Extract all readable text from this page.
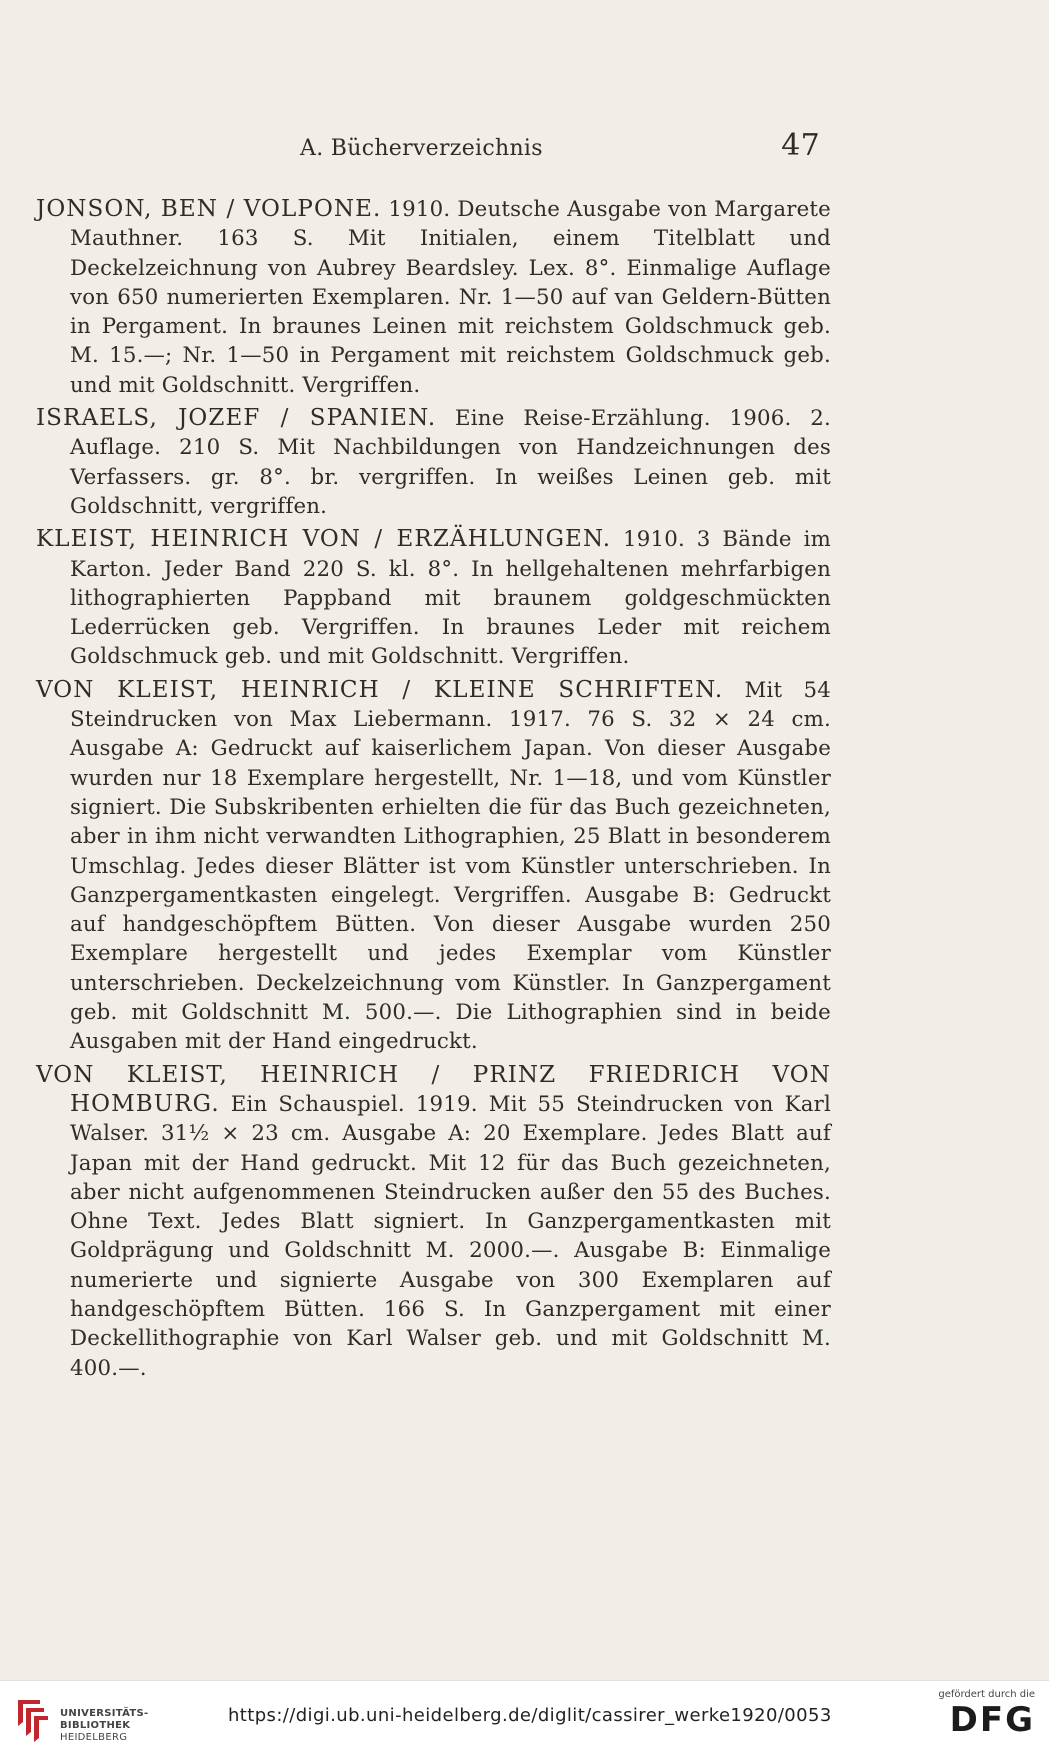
A. Bücherverzeichnis	47

JONSON, BEN / VOLPONE. 1910. Deutsche Ausgabe von Margarete Mauthner. 163 S. Mit Initialen, einem Titelblatt und Deckelzeichnung von Aubrey Beardsley. Lex. 8°. Einmalige Auflage von 650 numerierten Exemplaren. Nr. 1—50 auf van Geldern-Bütten in Pergament. In braunes Leinen mit reichstem Goldschmuck geb. M. 15.—; Nr. 1—50 in Pergament mit reichstem Goldschmuck geb. und mit Goldschnitt. Vergriffen.

ISRAELS, JOZEF / SPANIEN. Eine Reise-Erzählung. 1906. 2. Auflage. 210 S. Mit Nachbildungen von Handzeichnungen des Verfassers. gr. 8°. br. vergriffen. In weißes Leinen geb. mit Goldschnitt, vergriffen.

KLEIST, HEINRICH VON / ERZÄHLUNGEN. 1910. 3 Bände im Karton. Jeder Band 220 S. kl. 8°. In hellgehaltenen mehrfarbigen lithographierten Pappband mit braunem goldgeschmückten Lederrücken geb. Vergriffen. In braunes Leder mit reichem Goldschmuck geb. und mit Goldschnitt. Vergriffen.

VON KLEIST, HEINRICH / KLEINE SCHRIFTEN. Mit 54 Steindrucken von Max Liebermann. 1917. 76 S. 32 × 24 cm. Ausgabe A: Gedruckt auf kaiserlichem Japan. Von dieser Ausgabe wurden nur 18 Exemplare hergestellt, Nr. 1—18, und vom Künstler signiert. Die Subskribenten erhielten die für das Buch gezeichneten, aber in ihm nicht verwandten Lithographien, 25 Blatt in besonderem Umschlag. Jedes dieser Blätter ist vom Künstler unterschrieben. In Ganzpergamentkasten eingelegt. Vergriffen. Ausgabe B: Gedruckt auf handgeschöpftem Bütten. Von dieser Ausgabe wurden 250 Exemplare hergestellt und jedes Exemplar vom Künstler unterschrieben. Deckelzeichnung vom Künstler. In Ganzpergament geb. mit Goldschnitt M. 500.—. Die Lithographien sind in beide Ausgaben mit der Hand eingedruckt.

VON KLEIST, HEINRICH / PRINZ FRIEDRICH VON HOMBURG. Ein Schauspiel. 1919. Mit 55 Steindrucken von Karl Walser. 31½ × 23 cm. Ausgabe A: 20 Exemplare. Jedes Blatt auf Japan mit der Hand gedruckt. Mit 12 für das Buch gezeichneten, aber nicht aufgenommenen Steindrucken außer den 55 des Buches. Ohne Text. Jedes Blatt signiert. In Ganzpergamentkasten mit Goldprägung und Goldschnitt M. 2000.—. Ausgabe B: Einmalige numerierte und signierte Ausgabe von 300 Exemplaren auf handgeschöpftem Bütten. 166 S. In Ganzpergament mit einer Deckellithographie von Karl Walser geb. und mit Goldschnitt M. 400.—.

UNIVERSITÄTS-
BIBLIOTHEK
HEIDELBERG
https://digi.ub.uni-heidelberg.de/diglit/cassirer_werke1920/0053
gefördert durch die
DFG
